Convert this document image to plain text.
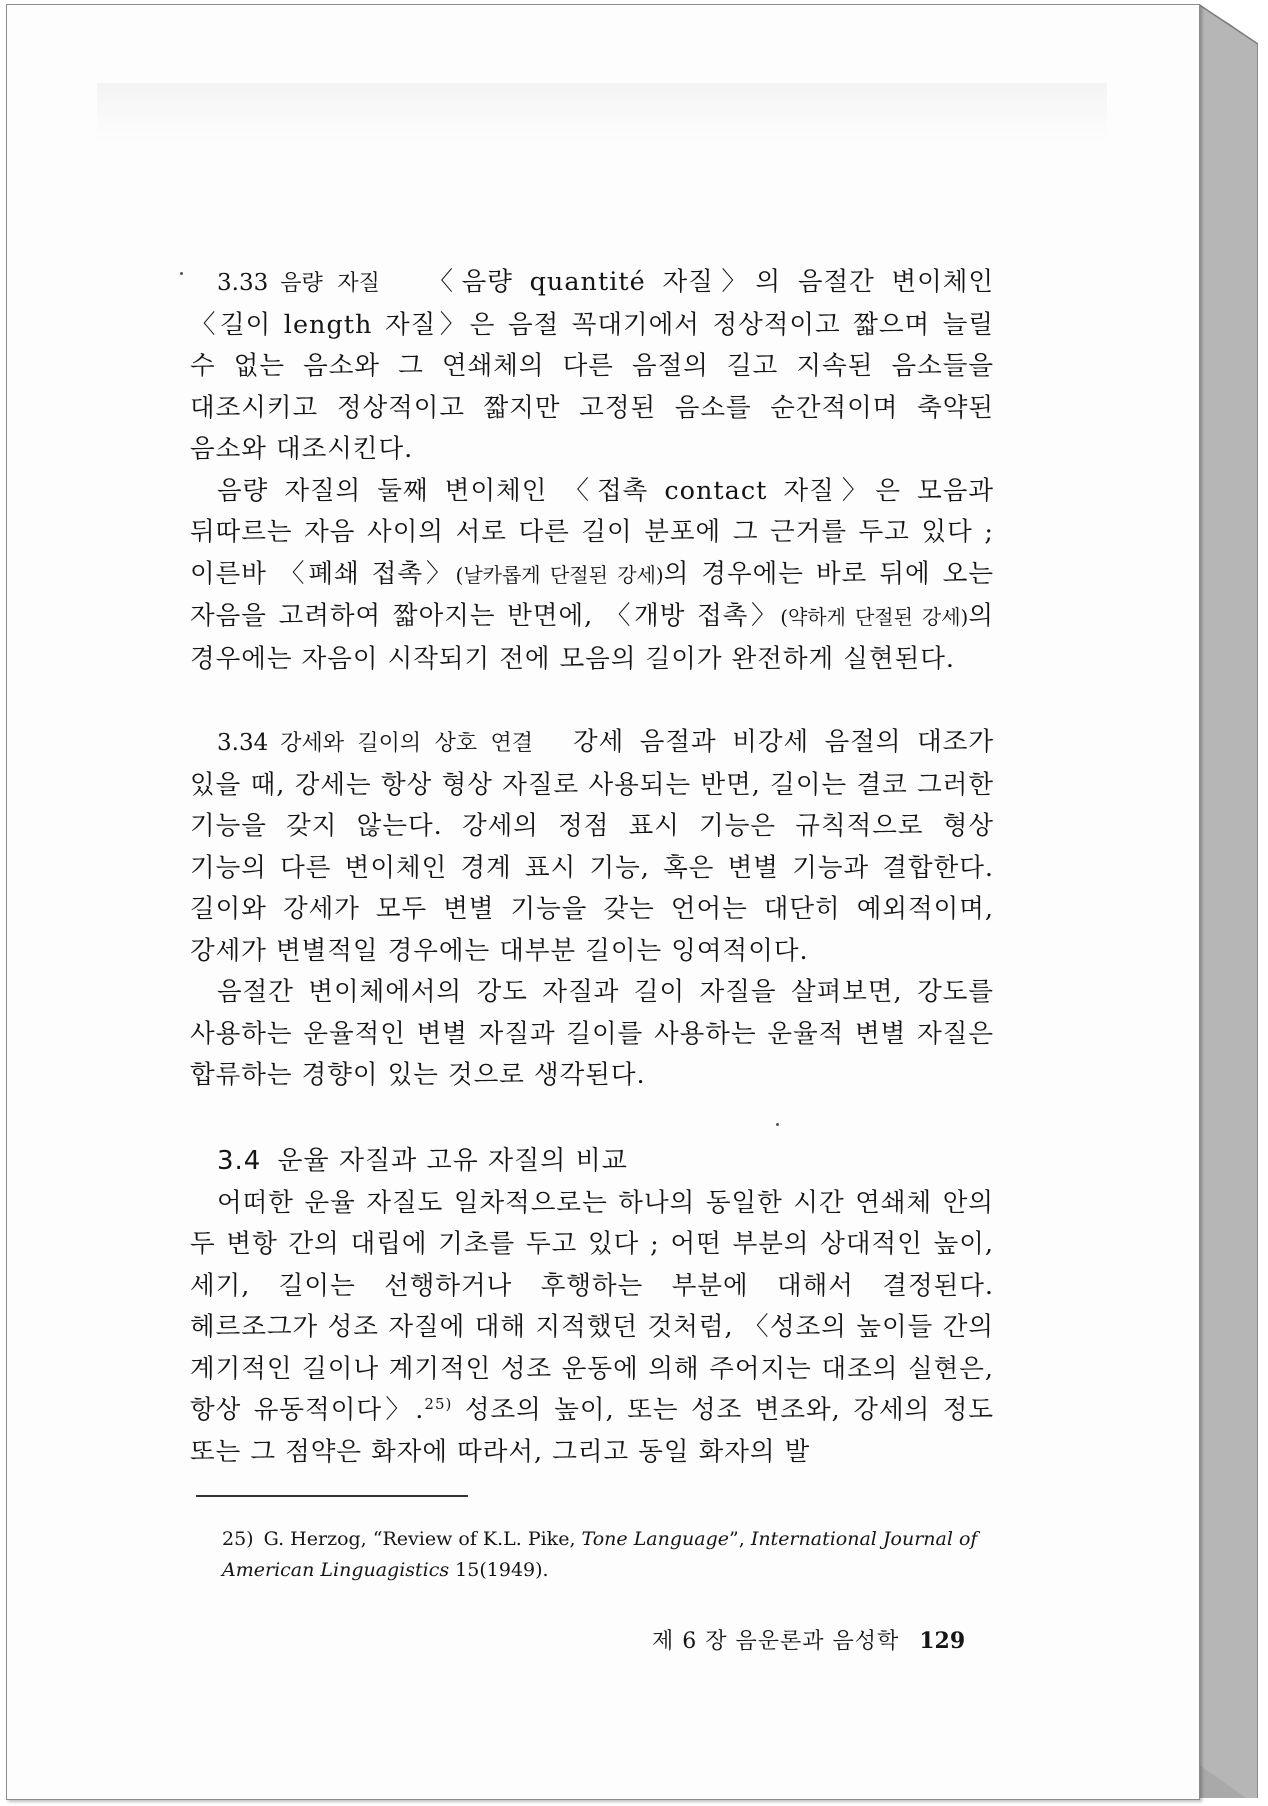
3.33 음량 자질 〈음량 quantité 자질〉의 음절간 변이체인 〈길이 length 자질〉은 음절 꼭대기에서 정상적이고 짧으며 늘릴 수 없는 음소와 그 연쇄체의 다른 음절의 길고 지속된 음소들을 대조시키고 정상적이고 짧지만 고정된 음소를 순간적이며 축약된 음소와 대조시킨다.

음량 자질의 둘째 변이체인 〈접촉 contact 자질〉은 모음과 뒤따르는 자음 사이의 서로 다른 길이 분포에 그 근거를 두고 있다 ; 이른바 〈폐쇄 접촉〉(날카롭게 단절된 강세)의 경우에는 바로 뒤에 오는 자음을 고려하여 짧아지는 반면에, 〈개방 접촉〉(약하게 단절된 강세)의 경우에는 자음이 시작되기 전에 모음의 길이가 완전하게 실현된다.

3.34 강세와 길이의 상호 연결 강세 음절과 비강세 음절의 대조가 있을 때, 강세는 항상 형상 자질로 사용되는 반면, 길이는 결코 그러한 기능을 갖지 않는다. 강세의 정점 표시 기능은 규칙적으로 형상 기능의 다른 변이체인 경계 표시 기능, 혹은 변별 기능과 결합한다. 길이와 강세가 모두 변별 기능을 갖는 언어는 대단히 예외적이며, 강세가 변별적일 경우에는 대부분 길이는 잉여적이다.

음절간 변이체에서의 강도 자질과 길이 자질을 살펴보면, 강도를 사용하는 운율적인 변별 자질과 길이를 사용하는 운율적 변별 자질은 합류하는 경향이 있는 것으로 생각된다.

3.4 운율 자질과 고유 자질의 비교

어떠한 운율 자질도 일차적으로는 하나의 동일한 시간 연쇄체 안의 두 변항 간의 대립에 기초를 두고 있다 ; 어떤 부분의 상대적인 높이, 세기, 길이는 선행하거나 후행하는 부분에 대해서 결정된다. 헤르조그가 성조 자질에 대해 지적했던 것처럼, 〈성조의 높이들 간의 계기적인 길이나 계기적인 성조 운동에 의해 주어지는 대조의 실현은, 항상 유동적이다〉.$^{25)}$ 성조의 높이, 또는 성조 변조와, 강세의 정도 또는 그 점약은 화자에 따라서, 그리고 동일 화자의 발

25) G. Herzog, “Review of K.L. Pike, Tone Language”, International Journal of American Linguagistics 15(1949).
제 6 장 음운론과 음성학 129
